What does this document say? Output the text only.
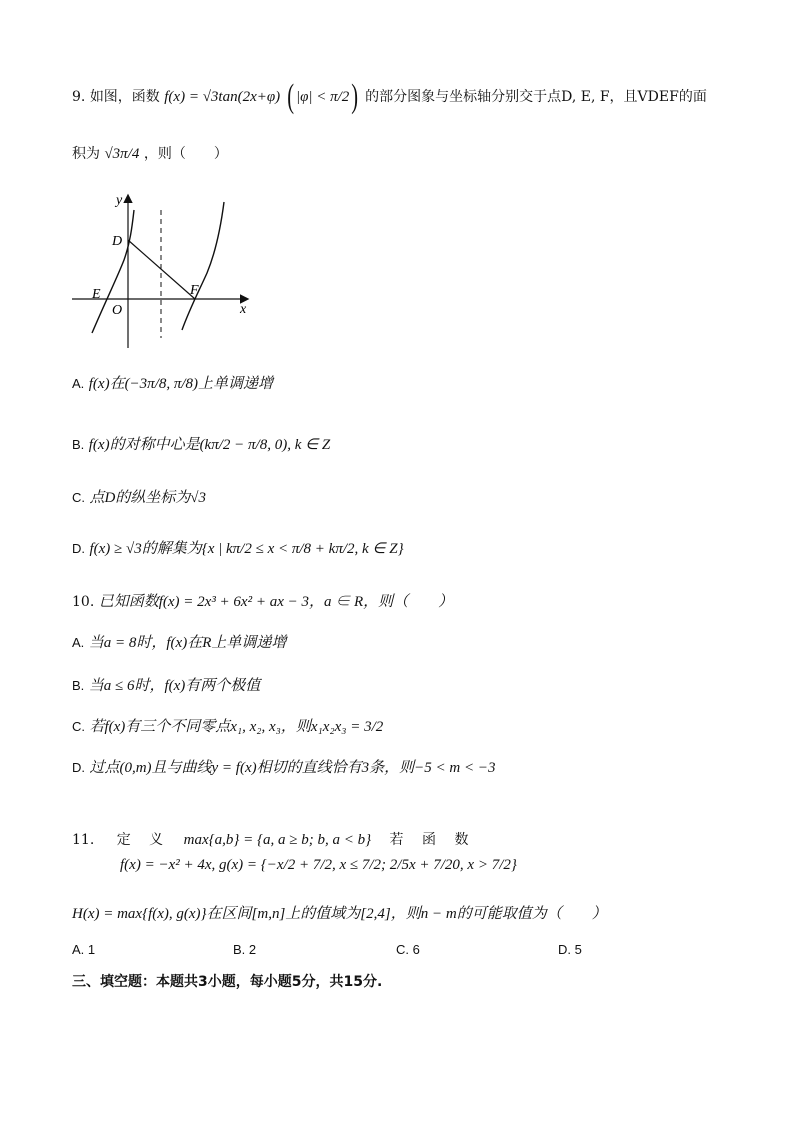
9. 如图，函数 f(x) = √3tan(2x+φ) ( |φ| < π/2) 的部分图象与坐标轴分别交于点D, E, F，且VDEF的面
积为 √3π/4 ，则（　　）
y
x
D
E
O
F
A. f(x)在(−3π/8, π/8)上单调递增
B. f(x)的对称中心是(kπ/2 − π/8, 0), k ∈ Z
C. 点D的纵坐标为√3
D. f(x) ≥ √3的解集为{x | kπ/2 ≤ x < π/8 + kπ/2, k ∈ Z}
10. 已知函数f(x) = 2x³ + 6x² + ax − 3，a ∈ R，则（　　）
A. 当a = 8时，f(x)在R上单调递增
B. 当a ≤ 6时，f(x)有两个极值
C. 若f(x)有三个不同零点x₁, x₂, x₃，则x₁x₂x₃ = 3/2
D. 过点(0,m)且与曲线y = f(x)相切的直线恰有3条，则−5 < m < −3
11. 定 义 max{a,b} = {a, a ≥ b; b, a < b} 若 函 数
f(x) = −x² + 4x, g(x) = {−x/2 + 7/2, x ≤ 7/2; 2/5x + 7/20, x > 7/2}
H(x) = max{f(x), g(x)}在区间[m,n]上的值域为[2,4]，则n − m的可能取值为（　　）
A. 1	B. 2	C. 6	D. 5
三、填空题：本题共3小题，每小题5分，共15分.
